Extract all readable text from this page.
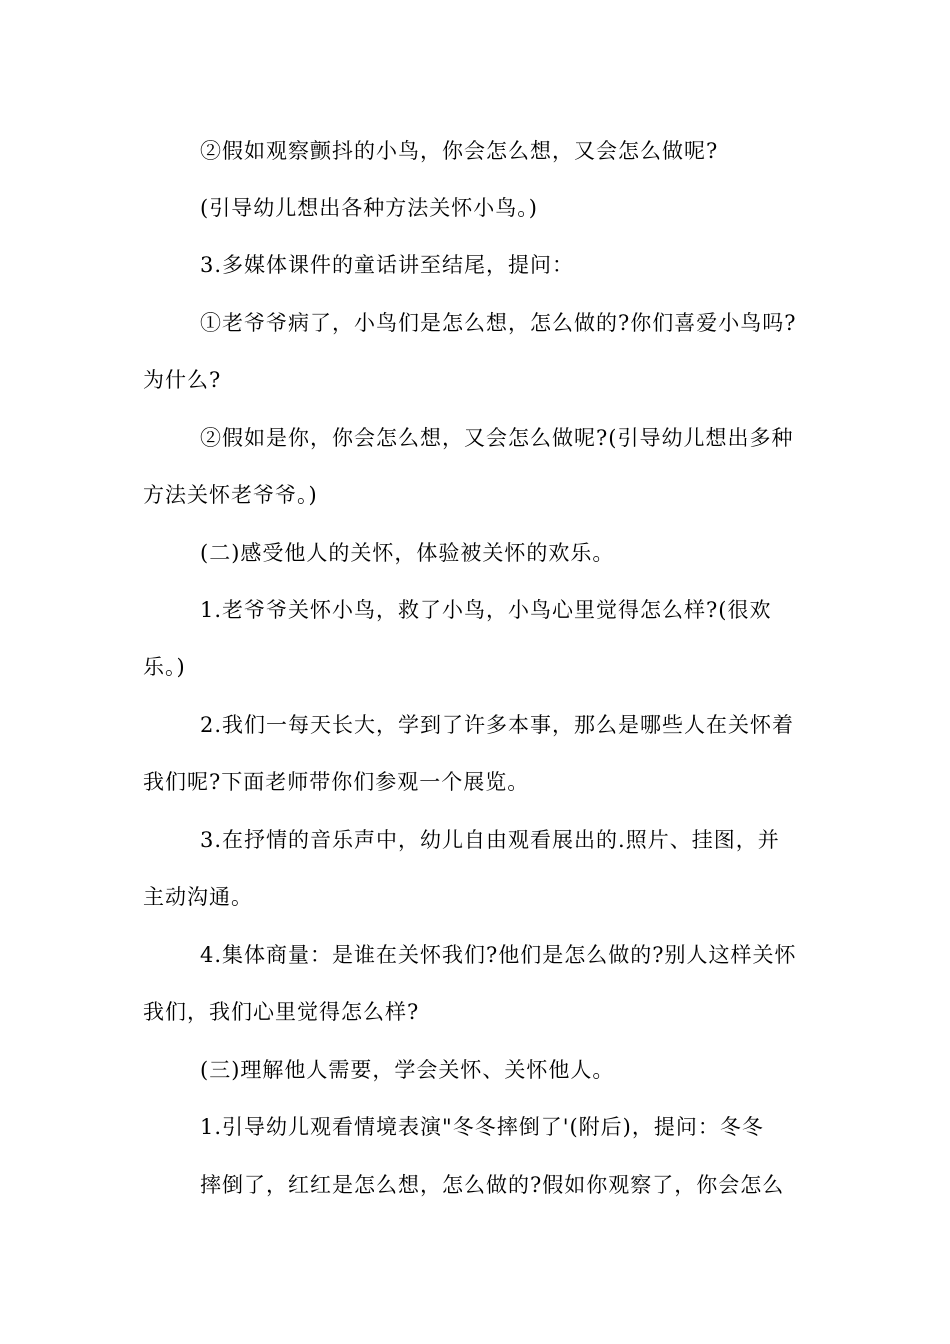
②假如观察颤抖的小鸟，你会怎么想，又会怎么做呢?
(引导幼儿想出各种方法关怀小鸟。)
3.多媒体课件的童话讲至结尾，提问：
①老爷爷病了，小鸟们是怎么想，怎么做的?你们喜爱小鸟吗?
为什么?
②假如是你，你会怎么想，又会怎么做呢?(引导幼儿想出多种
方法关怀老爷爷。)
(二)感受他人的关怀，体验被关怀的欢乐。
1.老爷爷关怀小鸟，救了小鸟，小鸟心里觉得怎么样?(很欢
乐。)
2.我们一每天长大，学到了许多本事，那么是哪些人在关怀着
我们呢?下面老师带你们参观一个展览。
3.在抒情的音乐声中，幼儿自由观看展出的.照片、挂图，并
主动沟通。
4.集体商量：是谁在关怀我们?他们是怎么做的?别人这样关怀
我们，我们心里觉得怎么样?
(三)理解他人需要，学会关怀、关怀他人。
1.引导幼儿观看情境表演"冬冬摔倒了'(附后)，提问：冬冬
摔倒了，红红是怎么想，怎么做的?假如你观察了，你会怎么
